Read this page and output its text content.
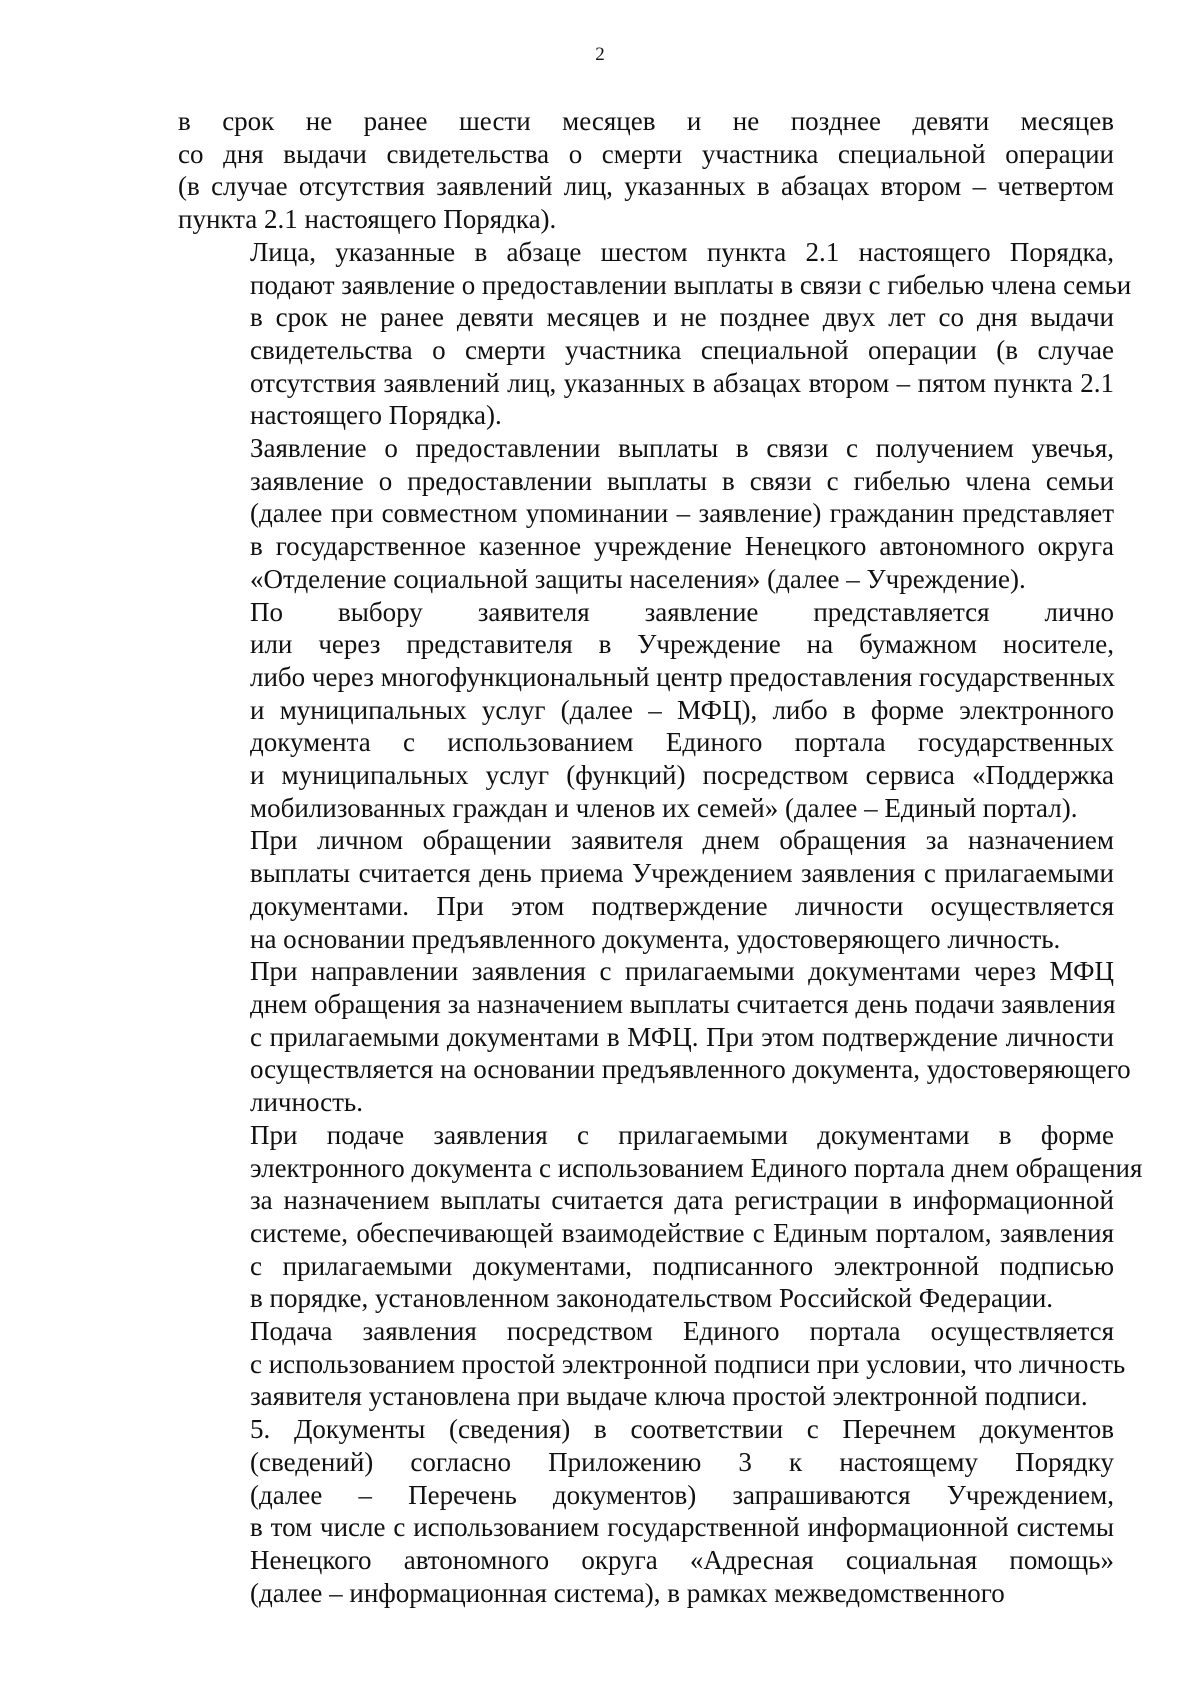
2
в срок не ранее шести месяцев и не позднее девяти месяцев
со дня выдачи свидетельства о смерти участника специальной операции
(в случае отсутствия заявлений лиц, указанных в абзацах втором – четвертом
пункта 2.1 настоящего Порядка).
Лица, указанные в абзаце шестом пункта 2.1 настоящего Порядка,
подают заявление о предоставлении выплаты в связи с гибелью члена семьи
в срок не ранее девяти месяцев и не позднее двух лет со дня выдачи
свидетельства о смерти участника специальной операции (в случае
отсутствия заявлений лиц, указанных в абзацах втором – пятом пункта 2.1
настоящего Порядка).
Заявление о предоставлении выплаты в связи с получением увечья,
заявление о предоставлении выплаты в связи с гибелью члена семьи
(далее при совместном упоминании – заявление) гражданин представляет
в государственное казенное учреждение Ненецкого автономного округа
«Отделение социальной защиты населения» (далее – Учреждение).
По выбору заявителя заявление представляется лично
или через представителя в Учреждение на бумажном носителе,
либо через многофункциональный центр предоставления государственных
и муниципальных услуг (далее – МФЦ), либо в форме электронного
документа с использованием Единого портала государственных
и муниципальных услуг (функций) посредством сервиса «Поддержка
мобилизованных граждан и членов их семей» (далее – Единый портал).
При личном обращении заявителя днем обращения за назначением
выплаты считается день приема Учреждением заявления с прилагаемыми
документами. При этом подтверждение личности осуществляется
на основании предъявленного документа, удостоверяющего личность.
При направлении заявления с прилагаемыми документами через МФЦ
днем обращения за назначением выплаты считается день подачи заявления
с прилагаемыми документами в МФЦ. При этом подтверждение личности
осуществляется на основании предъявленного документа, удостоверяющего
личность.
При подаче заявления с прилагаемыми документами в форме
электронного документа с использованием Единого портала днем обращения
за назначением выплаты считается дата регистрации в информационной
системе, обеспечивающей взаимодействие с Единым порталом, заявления
с прилагаемыми документами, подписанного электронной подписью
в порядке, установленном законодательством Российской Федерации.
Подача заявления посредством Единого портала осуществляется
с использованием простой электронной подписи при условии, что личность
заявителя установлена при выдаче ключа простой электронной подписи.
5. Документы (сведения) в соответствии с Перечнем документов
(сведений) согласно Приложению 3 к настоящему Порядку
(далее – Перечень документов) запрашиваются Учреждением,
в том числе с использованием государственной информационной системы
Ненецкого автономного округа «Адресная социальная помощь»
(далее – информационная система), в рамках межведомственного
